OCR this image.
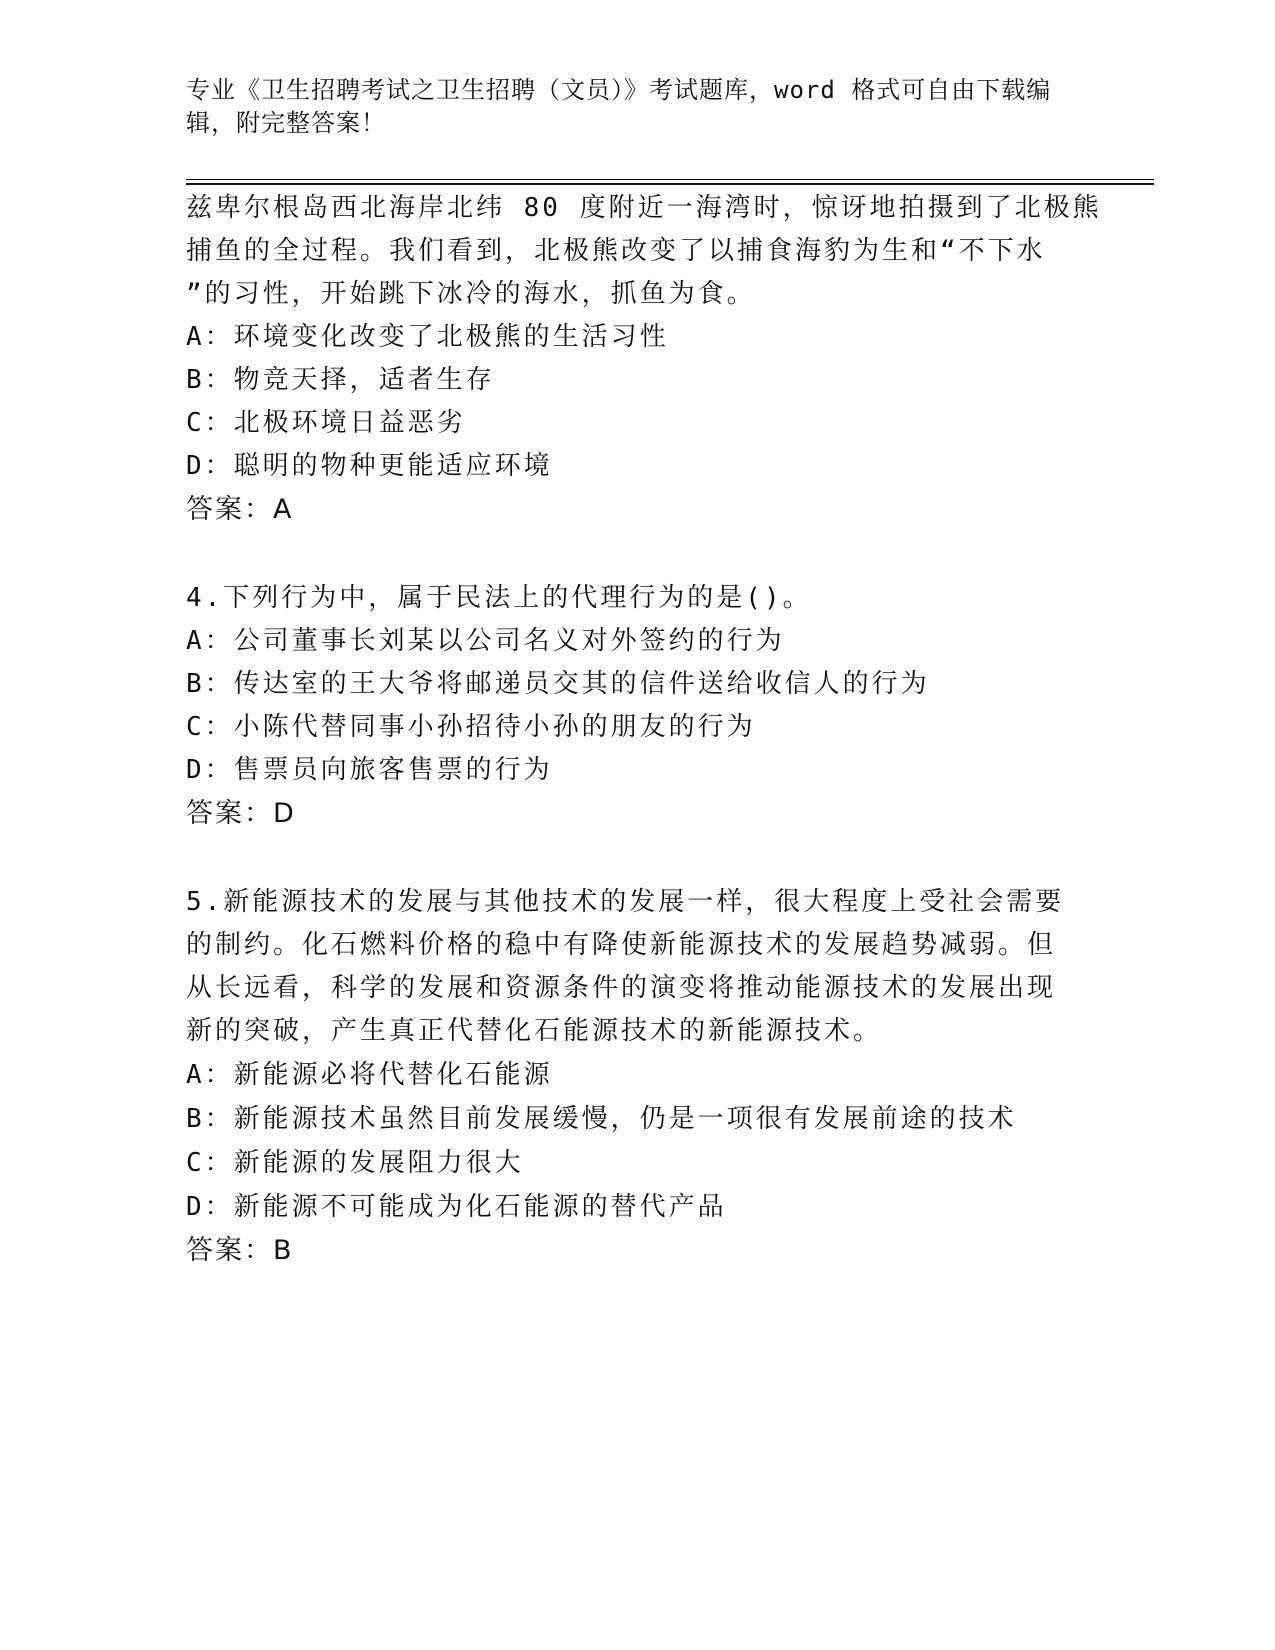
专业《卫生招聘考试之卫生招聘（文员）》考试题库，word 格式可自由下载编辑，附完整答案！
兹卑尔根岛西北海岸北纬 80 度附近一海湾时，惊讶地拍摄到了北极熊
捕鱼的全过程。我们看到，北极熊改变了以捕食海豹为生和“不下水
”的习性，开始跳下冰冷的海水，抓鱼为食。
A：环境变化改变了北极熊的生活习性
B：物竞天择，适者生存
C：北极环境日益恶劣
D：聪明的物种更能适应环境
答案：A
4.下列行为中，属于民法上的代理行为的是()。
A：公司董事长刘某以公司名义对外签约的行为
B：传达室的王大爷将邮递员交其的信件送给收信人的行为
C：小陈代替同事小孙招待小孙的朋友的行为
D：售票员向旅客售票的行为
答案：D
5.新能源技术的发展与其他技术的发展一样，很大程度上受社会需要
的制约。化石燃料价格的稳中有降使新能源技术的发展趋势减弱。但
从长远看，科学的发展和资源条件的演变将推动能源技术的发展出现
新的突破，产生真正代替化石能源技术的新能源技术。
A：新能源必将代替化石能源
B：新能源技术虽然目前发展缓慢，仍是一项很有发展前途的技术
C：新能源的发展阻力很大
D：新能源不可能成为化石能源的替代产品
答案：B
